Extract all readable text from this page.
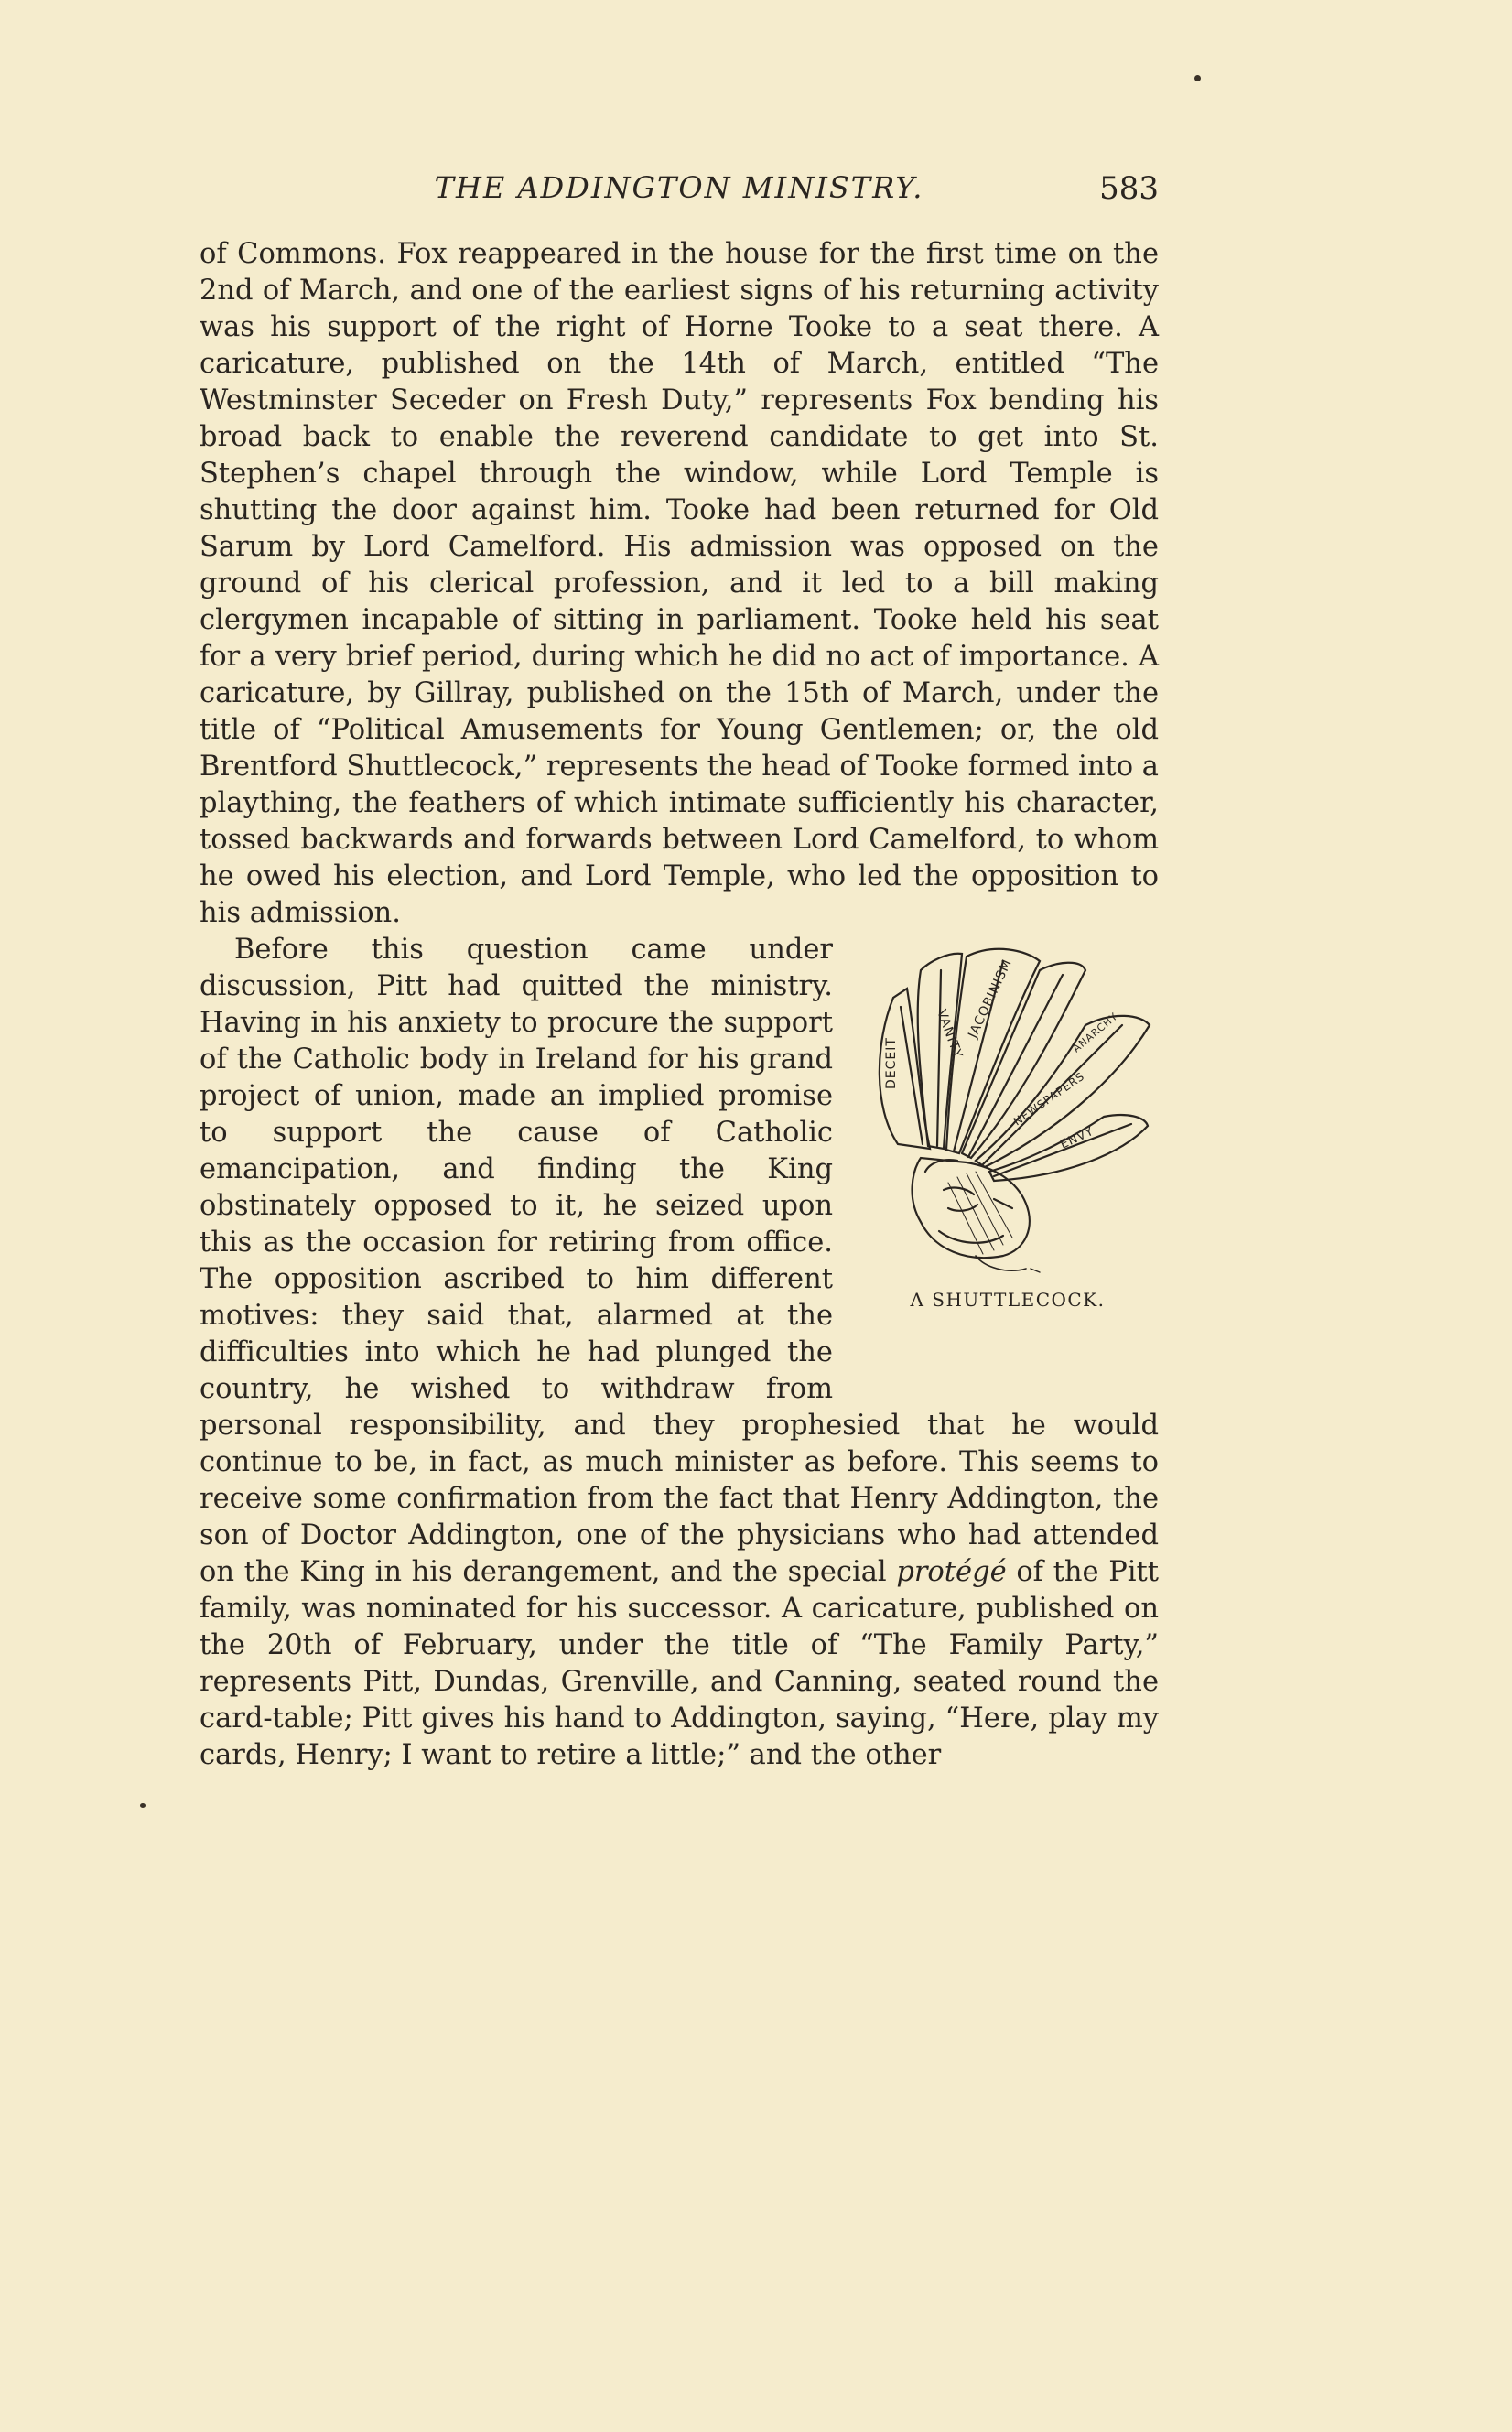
THE ADDINGTON MINISTRY.	583

of Commons. Fox reappeared in the house for the first time on the 2nd of March, and one of the earliest signs of his returning activity was his support of the right of Horne Tooke to a seat there. A caricature, published on the 14th of March, entitled “The Westminster Seceder on Fresh Duty,” represents Fox bending his broad back to enable the reverend candidate to get into St. Stephen’s chapel through the window, while Lord Temple is shutting the door against him. Tooke had been returned for Old Sarum by Lord Camelford. His admission was opposed on the ground of his clerical profession, and it led to a bill making clergymen incapable of sitting in parliament. Tooke held his seat for a very brief period, during which he did no act of importance. A caricature, by Gillray, published on the 15th of March, under the title of “Political Amusements for Young Gentlemen; or, the old Brentford Shuttlecock,” represents the head of Tooke formed into a plaything, the feathers of which intimate sufficiently his character, tossed backwards and forwards between Lord Camelford, to whom he owed his election, and Lord Temple, who led the opposition to his admission.

DECEIT
VANITY JACOBINISM	ANARCHY
NEWSPAPERS
ENVY
A SHUTTLECOCK.
Before this question came under discussion, Pitt had quitted the ministry. Having in his anxiety to procure the support of the Catholic body in Ireland for his grand project of union, made an implied promise to support the cause of Catholic emancipation, and finding the King obstinately opposed to it, he seized upon this as the occasion for retiring from office. The opposition ascribed to him different motives: they said that, alarmed at the difficulties into which he had plunged the country, he wished to withdraw from personal responsibility, and they prophesied that he would continue to be, in fact, as much minister as before. This seems to receive some confirmation from the fact that Henry Addington, the son of Doctor Addington, one of the physicians who had attended on the King in his derangement, and the special protégé of the Pitt family, was nominated for his successor. A caricature, published on the 20th of February, under the title of “The Family Party,” represents Pitt, Dundas, Grenville, and Canning, seated round the card-table; Pitt gives his hand to Addington, saying, “Here, play my cards, Henry; I want to retire a little;” and the other
